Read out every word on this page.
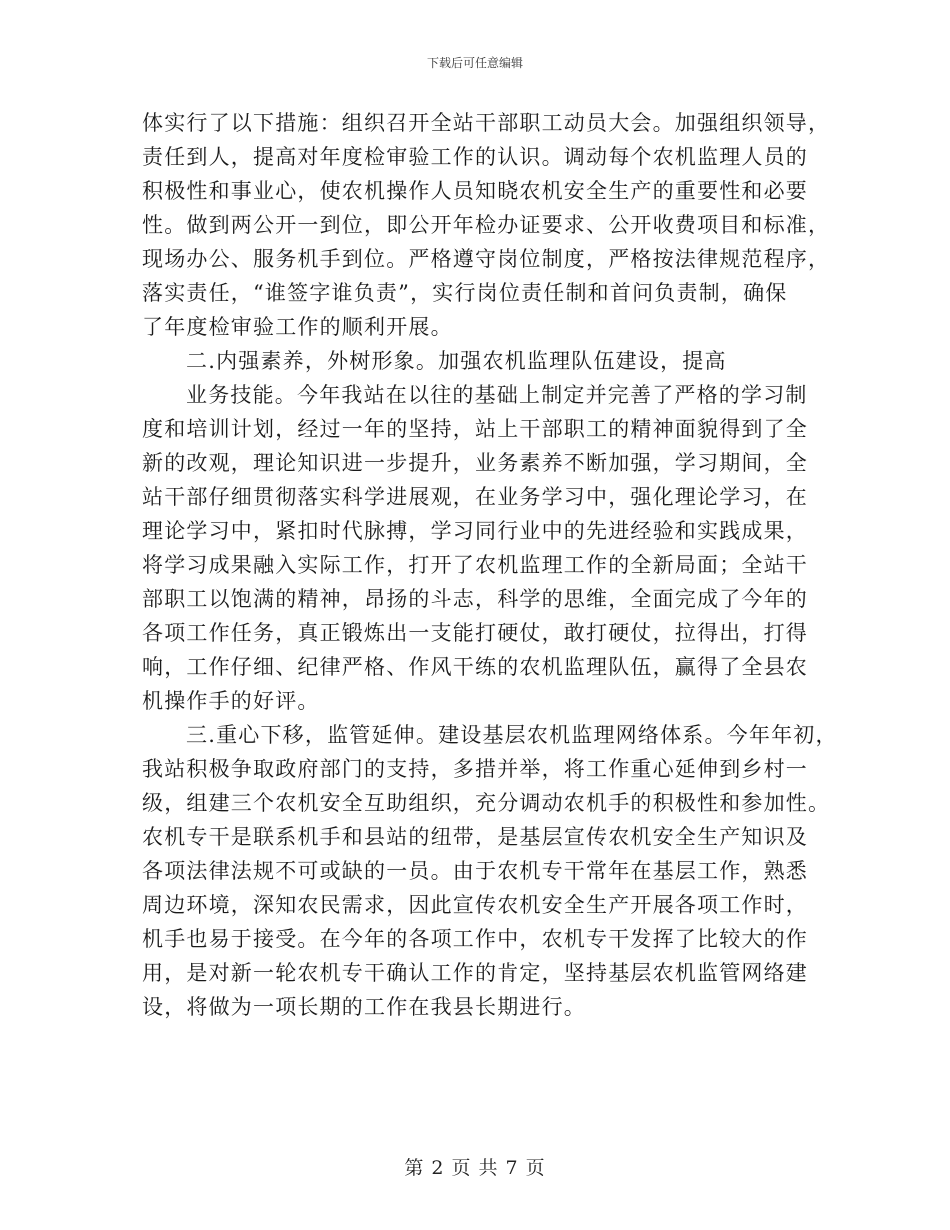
下载后可任意编辑
体实行了以下措施：组织召开全站干部职工动员大会。加强组织领导，
责任到人，提高对年度检审验工作的认识。调动每个农机监理人员的
积极性和事业心，使农机操作人员知晓农机安全生产的重要性和必要
性。做到两公开一到位，即公开年检办证要求、公开收费项目和标准，
现场办公、服务机手到位。严格遵守岗位制度，严格按法律规范程序，
落实责任，“谁签字谁负责”，实行岗位责任制和首问负责制，确保
了年度检审验工作的顺利开展。
二.内强素养，外树形象。加强农机监理队伍建设，提高
业务技能。今年我站在以往的基础上制定并完善了严格的学习制
度和培训计划，经过一年的坚持，站上干部职工的精神面貌得到了全
新的改观，理论知识进一步提升，业务素养不断加强，学习期间，全
站干部仔细贯彻落实科学进展观，在业务学习中，强化理论学习，在
理论学习中，紧扣时代脉搏，学习同行业中的先进经验和实践成果，
将学习成果融入实际工作，打开了农机监理工作的全新局面；全站干
部职工以饱满的精神，昂扬的斗志，科学的思维，全面完成了今年的
各项工作任务，真正锻炼出一支能打硬仗，敢打硬仗，拉得出，打得
响，工作仔细、纪律严格、作风干练的农机监理队伍，赢得了全县农
机操作手的好评。
三.重心下移，监管延伸。建设基层农机监理网络体系。今年年初，
我站积极争取政府部门的支持，多措并举，将工作重心延伸到乡村一
级，组建三个农机安全互助组织，充分调动农机手的积极性和参加性。
农机专干是联系机手和县站的纽带，是基层宣传农机安全生产知识及
各项法律法规不可或缺的一员。由于农机专干常年在基层工作，熟悉
周边环境，深知农民需求，因此宣传农机安全生产开展各项工作时，
机手也易于接受。在今年的各项工作中，农机专干发挥了比较大的作
用，是对新一轮农机专干确认工作的肯定，坚持基层农机监管网络建
设，将做为一项长期的工作在我县长期进行。
第 2 页 共 7 页
